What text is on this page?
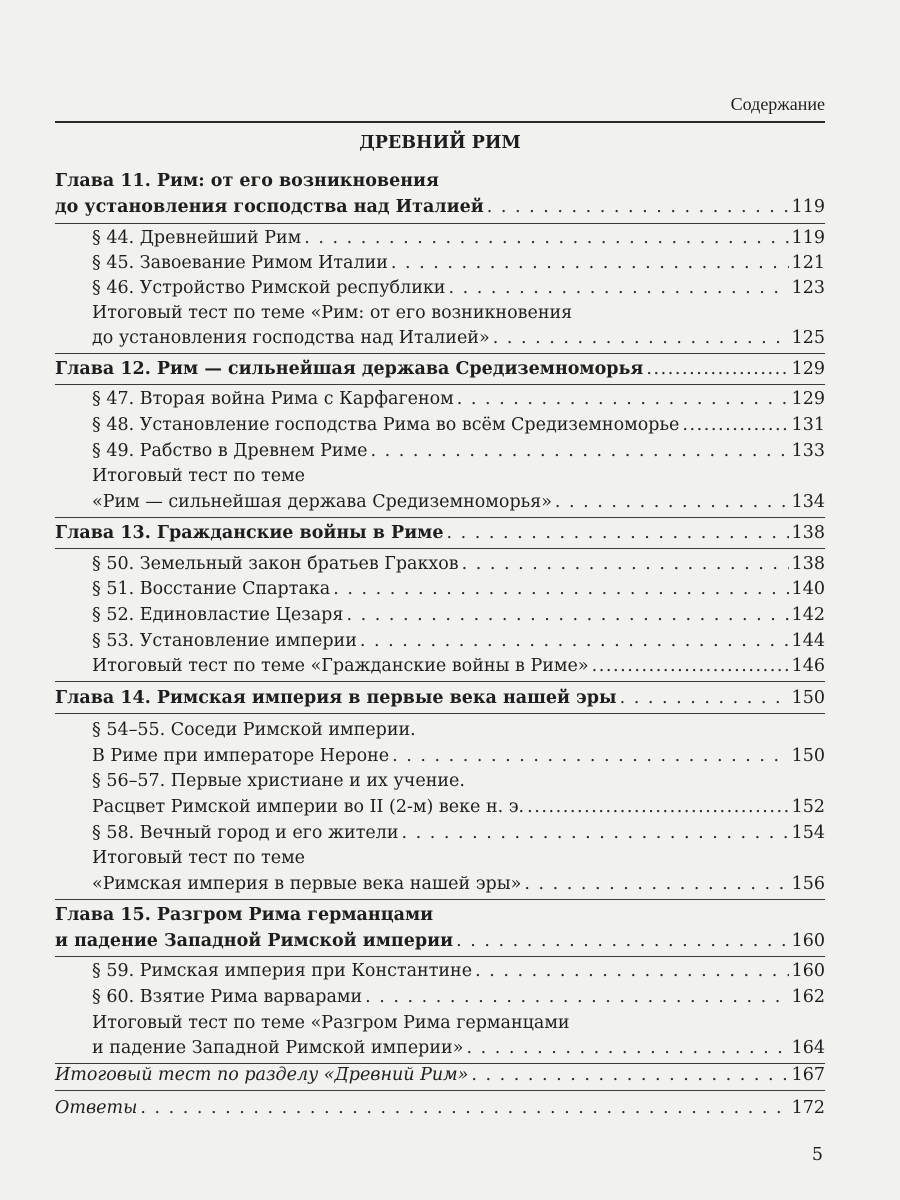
Содержание
ДРЕВНИЙ РИМ
Глава 11. Рим: от его возникновения
до установления господства над Италией . . .	119
§ 44. Древнейший Рим . . .	119
§ 45. Завоевание Римом Италии . . .	121
§ 46. Устройство Римской республики . . .	123
Итоговый тест по теме «Рим: от его возникновения
до установления господства над Италией» . . .	125
Глава 12. Рим — сильнейшая держава Средиземноморья . . .	129
§ 47. Вторая война Рима с Карфагеном . . .	129
§ 48. Установление господства Рима во всём Средиземноморье . . .	131
§ 49. Рабство в Древнем Риме . . .	133
Итоговый тест по теме
«Рим — сильнейшая держава Средиземноморья» . . .	134
Глава 13. Гражданские войны в Риме . . .	138
§ 50. Земельный закон братьев Гракхов . . .	138
§ 51. Восстание Спартака . . .	140
§ 52. Единовластие Цезаря . . .	142
§ 53. Установление империи . . .	144
Итоговый тест по теме «Гражданские войны в Риме» . . .	146
Глава 14. Римская империя в первые века нашей эры . . .	150
§ 54–55. Соседи Римской империи.
В Риме при императоре Нероне . . .	150
§ 56–57. Первые христиане и их учение.
Расцвет Римской империи во II (2-м) веке н. э. . . .	152
§ 58. Вечный город и его жители . . .	154
Итоговый тест по теме
«Римская империя в первые века нашей эры» . . .	156
Глава 15. Разгром Рима германцами
и падение Западной Римской империи . . .	160
§ 59. Римская империя при Константине . . .	160
§ 60. Взятие Рима варварами . . .	162
Итоговый тест по теме «Разгром Рима германцами
и падение Западной Римской империи» . . .	164
Итоговый тест по разделу «Древний Рим» . . .	167
Ответы . . .	172
5
